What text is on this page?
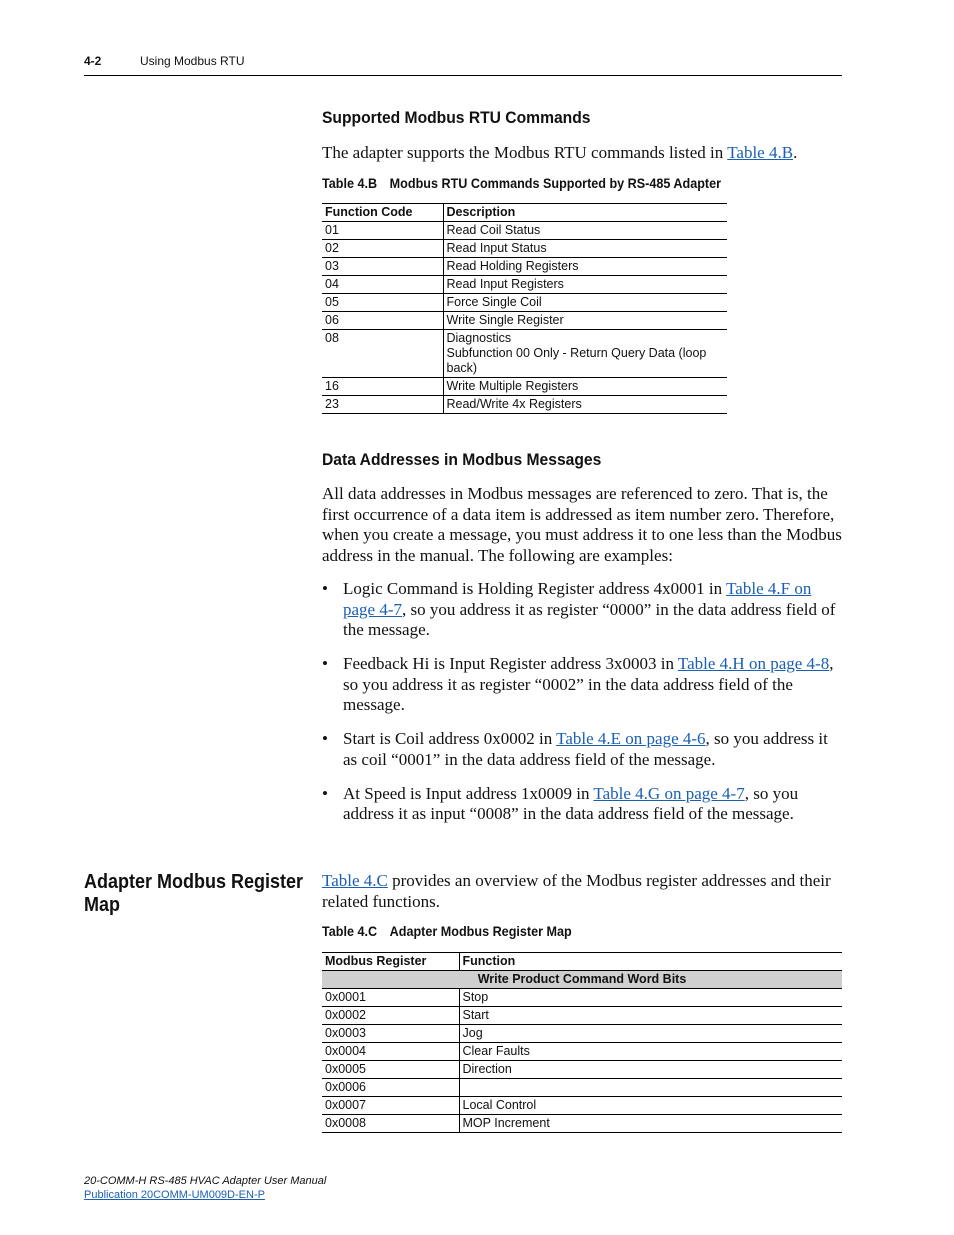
4-2	Using Modbus RTU
Supported Modbus RTU Commands
The adapter supports the Modbus RTU commands listed in Table 4.B.
Table 4.B Modbus RTU Commands Supported by RS-485 Adapter
Function Code	Description
01	Read Coil Status

02	Read Input Status

03	Read Holding Registers

04	Read Input Registers

05	Force Single Coil

06	Write Single Register

08	Diagnostics
Subfunction 00 Only - Return Query Data (loop back)

16	Write Multiple Registers

23	Read/Write 4x Registers
Data Addresses in Modbus Messages
All data addresses in Modbus messages are referenced to zero. That is, the first occurrence of a data item is addressed as item number zero. Therefore, when you create a message, you must address it to one less than the Modbus address in the manual. The following are examples:
• Logic Command is Holding Register address 4x0001 in Table 4.F on page 4-7, so you address it as register “0000” in the data address field of the message.
• Feedback Hi is Input Register address 3x0003 in Table 4.H on page 4-8, so you address it as register “0002” in the data address field of the message.
• Start is Coil address 0x0002 in Table 4.E on page 4-6, so you address it as coil “0001” in the data address field of the message.
• At Speed is Input address 1x0009 in Table 4.G on page 4-7, so you address it as input “0008” in the data address field of the message.
Adapter Modbus Register
Map
Table 4.C provides an overview of the Modbus register addresses and their related functions.
Table 4.C Adapter Modbus Register Map
Modbus Register	Function
Write Product Command Word Bits	
0x0001	Stop
0x0002	Start
0x0003	Jog
0x0004	Clear Faults
0x0005	Direction
0x0006	
0x0007	Local Control
0x0008	MOP Increment
20-COMM-H RS-485 HVAC Adapter User Manual
Publication 20COMM-UM009D-EN-P
